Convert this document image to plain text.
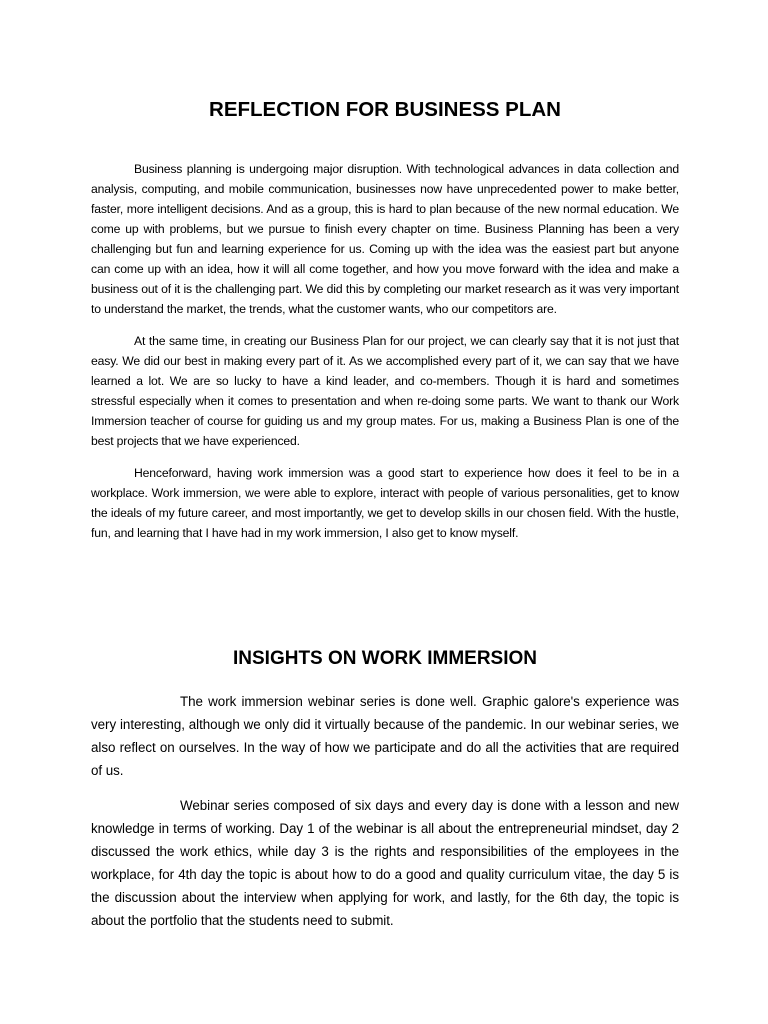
REFLECTION FOR BUSINESS PLAN

Business planning is undergoing major disruption. With technological advances in data collection and analysis, computing, and mobile communication, businesses now have unprecedented power to make better, faster, more intelligent decisions. And as a group, this is hard to plan because of the new normal education. We come up with problems, but we pursue to finish every chapter on time. Business Planning has been a very challenging but fun and learning experience for us. Coming up with the idea was the easiest part but anyone can come up with an idea, how it will all come together, and how you move forward with the idea and make a business out of it is the challenging part. We did this by completing our market research as it was very important to understand the market, the trends, what the customer wants, who our competitors are.

At the same time, in creating our Business Plan for our project, we can clearly say that it is not just that easy. We did our best in making every part of it. As we accomplished every part of it, we can say that we have learned a lot. We are so lucky to have a kind leader, and co-members. Though it is hard and sometimes stressful especially when it comes to presentation and when re-doing some parts. We want to thank our Work Immersion teacher of course for guiding us and my group mates. For us, making a Business Plan is one of the best projects that we have experienced.

Henceforward, having work immersion was a good start to experience how does it feel to be in a workplace. Work immersion, we were able to explore, interact with people of various personalities, get to know the ideals of my future career, and most importantly, we get to develop skills in our chosen field. With the hustle, fun, and learning that I have had in my work immersion, I also get to know myself.

INSIGHTS ON WORK IMMERSION

The work immersion webinar series is done well. Graphic galore's experience was very interesting, although we only did it virtually because of the pandemic. In our webinar series, we also reflect on ourselves. In the way of how we participate and do all the activities that are required of us.

Webinar series composed of six days and every day is done with a lesson and new knowledge in terms of working. Day 1 of the webinar is all about the entrepreneurial mindset, day 2 discussed the work ethics, while day 3 is the rights and responsibilities of the employees in the workplace, for 4th day the topic is about how to do a good and quality curriculum vitae, the day 5 is the discussion about the interview when applying for work, and lastly, for the 6th day, the topic is about the portfolio that the students need to submit.
